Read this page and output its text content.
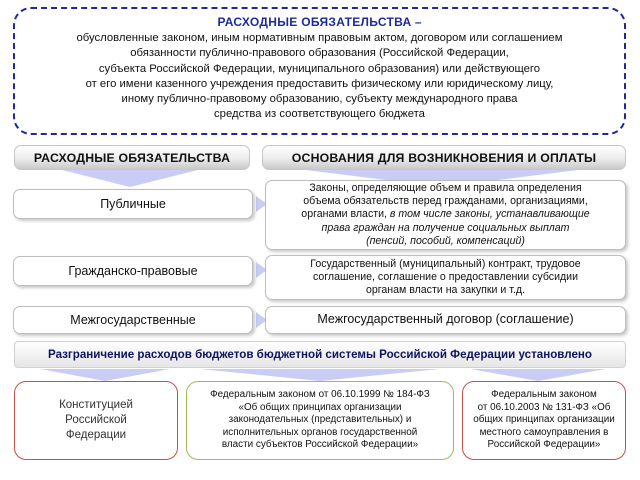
РАСХОДНЫЕ ОБЯЗАТЕЛЬСТВА –
обусловленные законом, иным нормативным правовым актом, договором или соглашением
обязанности публично-правового образования (Российской Федерации,
субъекта Российской Федерации, муниципального образования) или действующего
от его имени казенного учреждения предоставить физическому или юридическому лицу,
иному публично-правовому образованию, субъекту международного права
средства из соответствующего бюджета
РАСХОДНЫЕ ОБЯЗАТЕЛЬСТВА	ОСНОВАНИЯ ДЛЯ ВОЗНИКНОВЕНИЯ И ОПЛАТЫ
Публичные
Законы, определяющие объем и правила определения
объема обязательств перед гражданами, организациями,
органами власти, в том числе законы, устанавливающие
права граждан на получение социальных выплат
(пенсий, пособий, компенсаций)
Гражданско-правовые
Государственный (муниципальный) контракт, трудовое
соглашение, соглашение о предоставлении субсидии
органам власти на закупки и т.д.
Межгосударственные	Межгосударственный договор (соглашение)
Разграничение расходов бюджетов бюджетной системы Российской Федерации установлено
Конституцией
Российской
Федерации
Федеральным законом от 06.10.1999 № 184-ФЗ
«Об общих принципах организации
законодательных (представительных) и
исполнительных органов государственной
власти субъектов Российской Федерации»
Федеральным законом
от 06.10.2003 № 131-ФЗ «Об
общих принципах организации
местного самоуправления в
Российской Федерации»
